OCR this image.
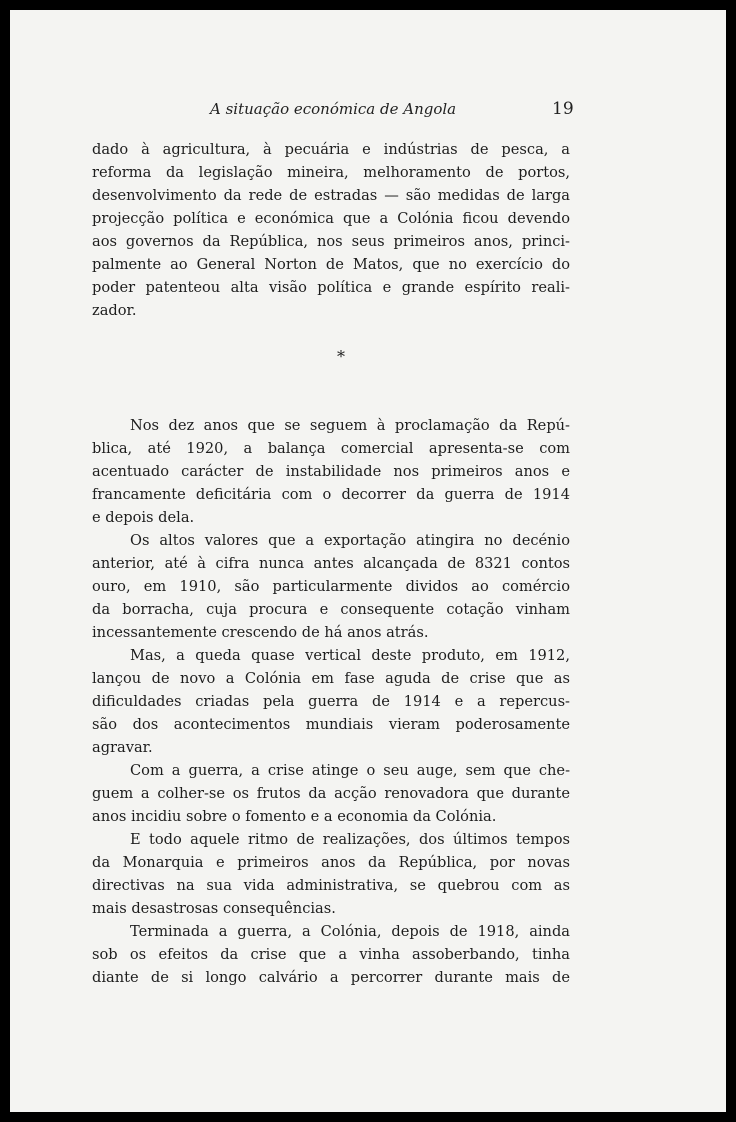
A situação económica de Angola	19
dado à agricultura, à pecuária e indústrias de pesca, a
reforma da legislação mineira, melhoramento de portos,
desenvolvimento da rede de estradas — são medidas de larga
projecção política e económica que a Colónia ficou devendo
aos governos da República, nos seus primeiros anos, princi-
palmente ao General Norton de Matos, que no exercício do
poder patenteou alta visão política e grande espírito reali-
zador.
*
Nos dez anos que se seguem à proclamação da Repú-
blica, até 1920, a balança comercial apresenta-se com
acentuado carácter de instabilidade nos primeiros anos e
francamente deficitária com o decorrer da guerra de 1914
e depois dela.
Os altos valores que a exportação atingira no decénio
anterior, até à cifra nunca antes alcançada de 8321 contos
ouro, em 1910, são particularmente dividos ao comércio
da borracha, cuja procura e consequente cotação vinham
incessantemente crescendo de há anos atrás.
Mas, a queda quase vertical deste produto, em 1912,
lançou de novo a Colónia em fase aguda de crise que as
dificuldades criadas pela guerra de 1914 e a repercus-
são dos acontecimentos mundiais vieram poderosamente
agravar.
Com a guerra, a crise atinge o seu auge, sem que che-
guem a colher-se os frutos da acção renovadora que durante
anos incidiu sobre o fomento e a economia da Colónia.
E todo aquele ritmo de realizações, dos últimos tempos
da Monarquia e primeiros anos da República, por novas
directivas na sua vida administrativa, se quebrou com as
mais desastrosas consequências.
Terminada a guerra, a Colónia, depois de 1918, ainda
sob os efeitos da crise que a vinha assoberbando, tinha
diante de si longo calvário a percorrer durante mais de
